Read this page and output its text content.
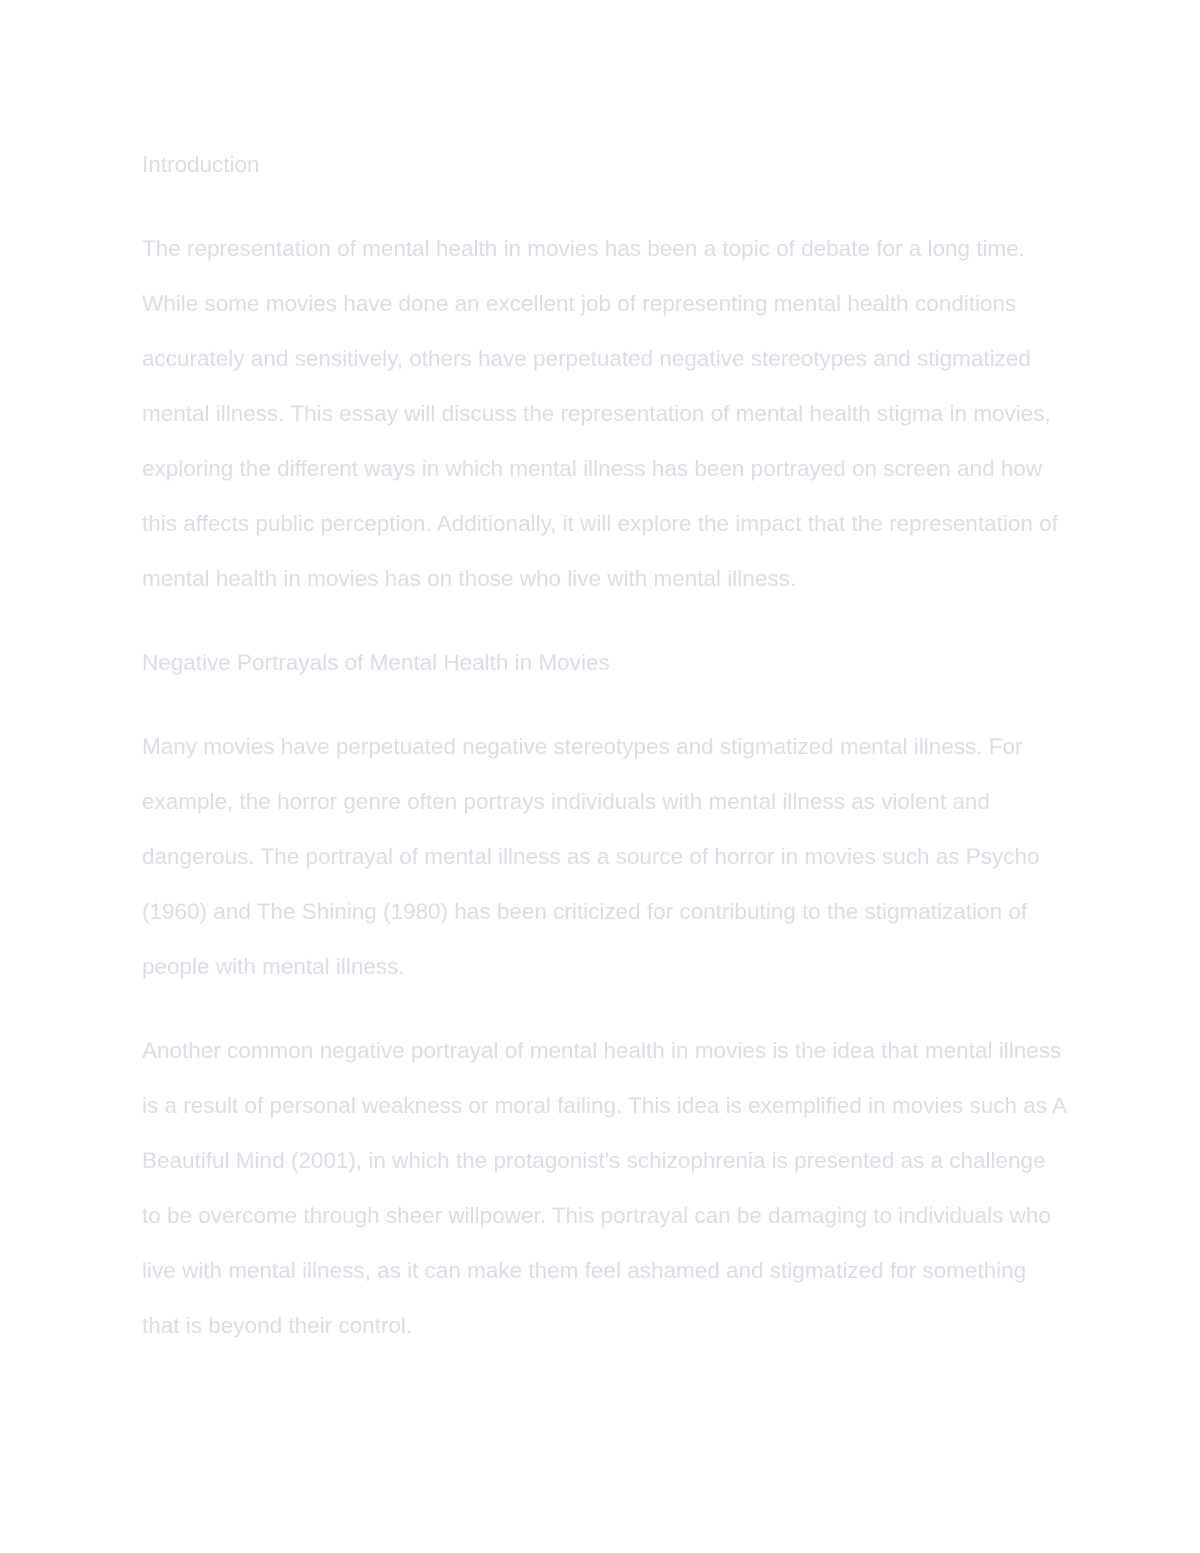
Introduction

The representation of mental health in movies has been a topic of debate for a long time. While some movies have done an excellent job of representing mental health conditions accurately and sensitively, others have perpetuated negative stereotypes and stigmatized mental illness. This essay will discuss the representation of mental health stigma in movies, exploring the different ways in which mental illness has been portrayed on screen and how this affects public perception. Additionally, it will explore the impact that the representation of mental health in movies has on those who live with mental illness.

Negative Portrayals of Mental Health in Movies

Many movies have perpetuated negative stereotypes and stigmatized mental illness. For example, the horror genre often portrays individuals with mental illness as violent and dangerous. The portrayal of mental illness as a source of horror in movies such as Psycho (1960) and The Shining (1980) has been criticized for contributing to the stigmatization of people with mental illness.

Another common negative portrayal of mental health in movies is the idea that mental illness is a result of personal weakness or moral failing. This idea is exemplified in movies such as A Beautiful Mind (2001), in which the protagonist's schizophrenia is presented as a challenge to be overcome through sheer willpower. This portrayal can be damaging to individuals who live with mental illness, as it can make them feel ashamed and stigmatized for something that is beyond their control.
